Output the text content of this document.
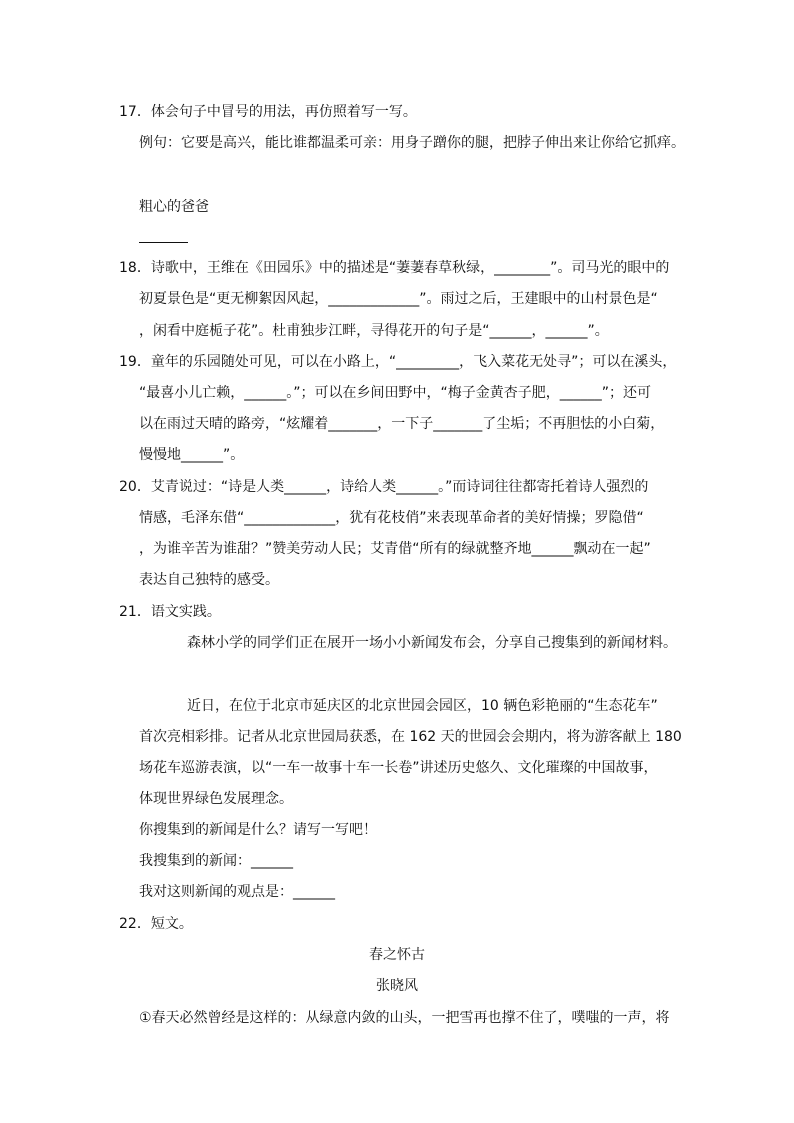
17．体会句子中冒号的用法，再仿照着写一写。
例句：它要是高兴，能比谁都温柔可亲：用身子蹭你的腿，把脖子伸出来让你给它抓痒。
粗心的爸爸
18．诗歌中，王维在《田园乐》中的描述是“萋萋春草秋绿，________”。司马光的眼中的
初夏景色是“更无柳絮因风起，_____________”。雨过之后，王建眼中的山村景色是“
，闲看中庭栀子花”。杜甫独步江畔，寻得花开的句子是“______，______”。
19．童年的乐园随处可见，可以在小路上，“_________，飞入菜花无处寻”；可以在溪头，
“最喜小儿亡赖，______。”；可以在乡间田野中，“梅子金黄杏子肥，______”；还可
以在雨过天晴的路旁，“炫耀着_______，一下子_______了尘垢；不再胆怯的小白菊，
慢慢地______”。
20．艾青说过：“诗是人类______，诗给人类______。”而诗词往往都寄托着诗人强烈的
情感，毛泽东借“_____________，犹有花枝俏”来表现革命者的美好情操；罗隐借“
，为谁辛苦为谁甜？”赞美劳动人民；艾青借“所有的绿就整齐地______飘动在一起”
表达自己独特的感受。
21．语文实践。
森林小学的同学们正在展开一场小小新闻发布会，分享自己搜集到的新闻材料。
近日，在位于北京市延庆区的北京世园会园区，10 辆色彩艳丽的“生态花车”
首次亮相彩排。记者从北京世园局获悉，在 162 天的世园会会期内，将为游客献上 180
场花车巡游表演，以“一车一故事十车一长卷”讲述历史悠久、文化璀璨的中国故事，
体现世界绿色发展理念。
你搜集到的新闻是什么？请写一写吧！
我搜集到的新闻：______
我对这则新闻的观点是：______
22．短文。
春之怀古
张晓风
①春天必然曾经是这样的：从绿意内敛的山头，一把雪再也撑不住了，噗嗤的一声，将
